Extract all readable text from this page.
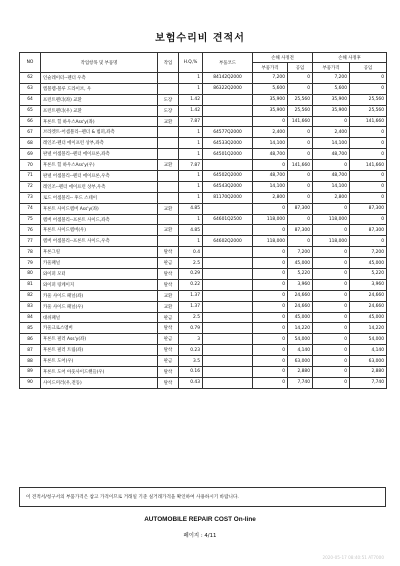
보험수리비 견적서
NO	작업항목 및 부품명	작업	H.Q,%	부품코드	손해 사정전		손해 사정후	
					부품가격	공임	부품가격	공임
62	인슐레이터--펜더 우측		1	84142Q2000	7,200	0	7,200	0
63	엠블렘-블루 드라이브, 우		1	86322Q2000	5,600	0	5,600	0
64	프런트펜더(좌) 교환	도장	1.42		35,900	25,560	35,900	25,560
65	프런트펜더(우) 교환	도장	1.42		35,900	25,560	35,900	25,560
66	후론트 힐 하우스Ass'y(좌)	교환	7.87		0	141,660	0	141,660
67	브라켓트-어셈블리--펜더 & 범퍼,좌측		1	64577Q2000	2,400	0	2,400	0
68	레인조-펜더 에이프런 상부,좌측		1	64533Q2000	14,100	0	14,100	0
69	판넬 어셈블리--펜더 에이프론,좌측		1	64501Q2000	48,700	0	48,700	0
70	후론트 힐 하우스Ass'y(우)	교환	7.87		0	141,660	0	141,660
71	판넬 어셈블리--펜더 에이프론,우측		1	64502Q2000	48,700	0	48,700	0
72	레인조--펜더 에이프런 상부,우측		1	64543Q2000	14,100	0	14,100	0
73	로드 어셈블리-- 후드 스테이		1	81170Q2000	2,800	0	2,800	0
74	후론트 사이드멤버 Ass'y(좌)	교환	4.85		0	87,300	0	87,300
75	멤버 어셈블리--프론트 사이드,좌측		1	64601Q2500	118,000	0	118,000	0
76	후론트 사이드멤버(우)	교환	4.85		0	87,300	0	87,300
77	멤버 어셈블리--프론트 사이드,우측		1	64602Q2000	118,000	0	118,000	0
78	후론그릴	탈착	0.4		0	7,200	0	7,200
79	카울패널	판금	2.5		0	45,000	0	45,000
80	와이퍼 모터	탈착	0.29		0	5,220	0	5,220
81	와이퍼 링케이지	탈착	0.22		0	3,960	0	3,960
82	카울 사이드 패널(좌)	교환	1.37		0	24,660	0	24,660
83	카울 사이드 패널(우)	교환	1.37		0	24,660	0	24,660
84	대쉬패널	판금	2.5		0	45,000	0	45,000
85	카울크로스멤버	탈착	0.79		0	14,220	0	14,220
86	후론트 필러 Ass'y(좌)	판금	3		0	54,000	0	54,000
87	후론트 필러 트림(좌)	탈착	0.23		0	4,140	0	4,140
88	후론트 도어(우)	판금	3.5		0	63,000	0	63,000
89	후론트 도어 아웃사이드핸들(우)	탈착	0.16		0	2,880	0	2,880
90	사이드미러(우,전동)	탈착	0.43		0	7,740	0	7,740
이 견적서/청구서의 부품가격은 참고 가격이므로 거래일 기준 실거래가격을 확인하여 사용하시기 바랍니다.
AUTOMOBILE REPAIR COST On-line
페이지 : 4/11
2020-05-17 08:40:51 AT7000
